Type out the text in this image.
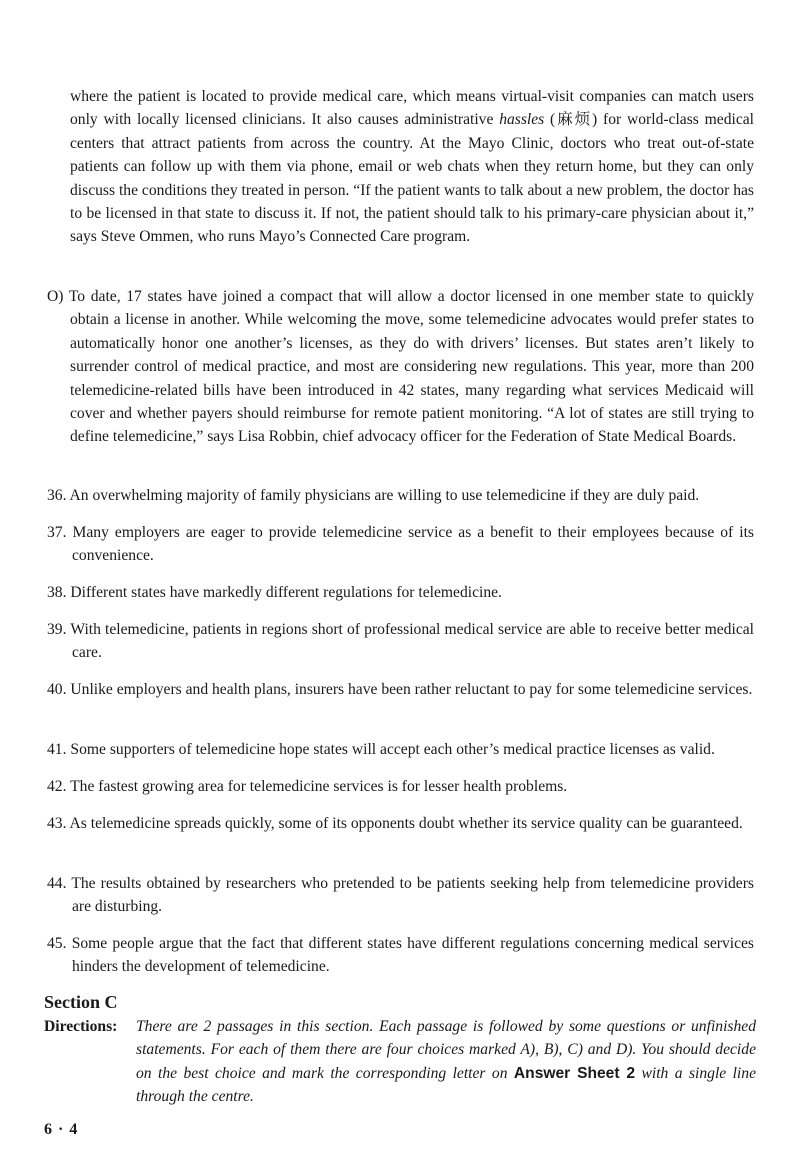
where the patient is located to provide medical care, which means virtual-visit companies can match users only with locally licensed clinicians. It also causes administrative hassles (麻烦) for world-class medical centers that attract patients from across the country. At the Mayo Clinic, doctors who treat out-of-state patients can follow up with them via phone, email or web chats when they return home, but they can only discuss the conditions they treated in person. “If the patient wants to talk about a new problem, the doctor has to be licensed in that state to discuss it. If not, the patient should talk to his primary-care physician about it,” says Steve Ommen, who runs Mayo’s Connected Care program.

O) To date, 17 states have joined a compact that will allow a doctor licensed in one member state to quickly obtain a license in another. While welcoming the move, some telemedicine advocates would prefer states to automatically honor one another’s licenses, as they do with drivers’ licenses. But states aren’t likely to surrender control of medical practice, and most are considering new regulations. This year, more than 200 telemedicine-related bills have been introduced in 42 states, many regarding what services Medicaid will cover and whether payers should reimburse for remote patient monitoring. “A lot of states are still trying to define telemedicine,” says Lisa Robbin, chief advocacy officer for the Federation of State Medical Boards.

36. An overwhelming majority of family physicians are willing to use telemedicine if they are duly paid.

37. Many employers are eager to provide telemedicine service as a benefit to their employees because of its convenience.

38. Different states have markedly different regulations for telemedicine.

39. With telemedicine, patients in regions short of professional medical service are able to receive better medical care.

40. Unlike employers and health plans, insurers have been rather reluctant to pay for some telemedicine services.

41. Some supporters of telemedicine hope states will accept each other’s medical practice licenses as valid.

42. The fastest growing area for telemedicine services is for lesser health problems.

43. As telemedicine spreads quickly, some of its opponents doubt whether its service quality can be guaranteed.

44. The results obtained by researchers who pretended to be patients seeking help from telemedicine providers are disturbing.

45. Some people argue that the fact that different states have different regulations concerning medical services hinders the development of telemedicine.

Section C
Directions: There are 2 passages in this section. Each passage is followed by some questions or unfinished statements. For each of them there are four choices marked A), B), C) and D). You should decide on the best choice and mark the corresponding letter on Answer Sheet 2 with a single line through the centre.

6 · 4
